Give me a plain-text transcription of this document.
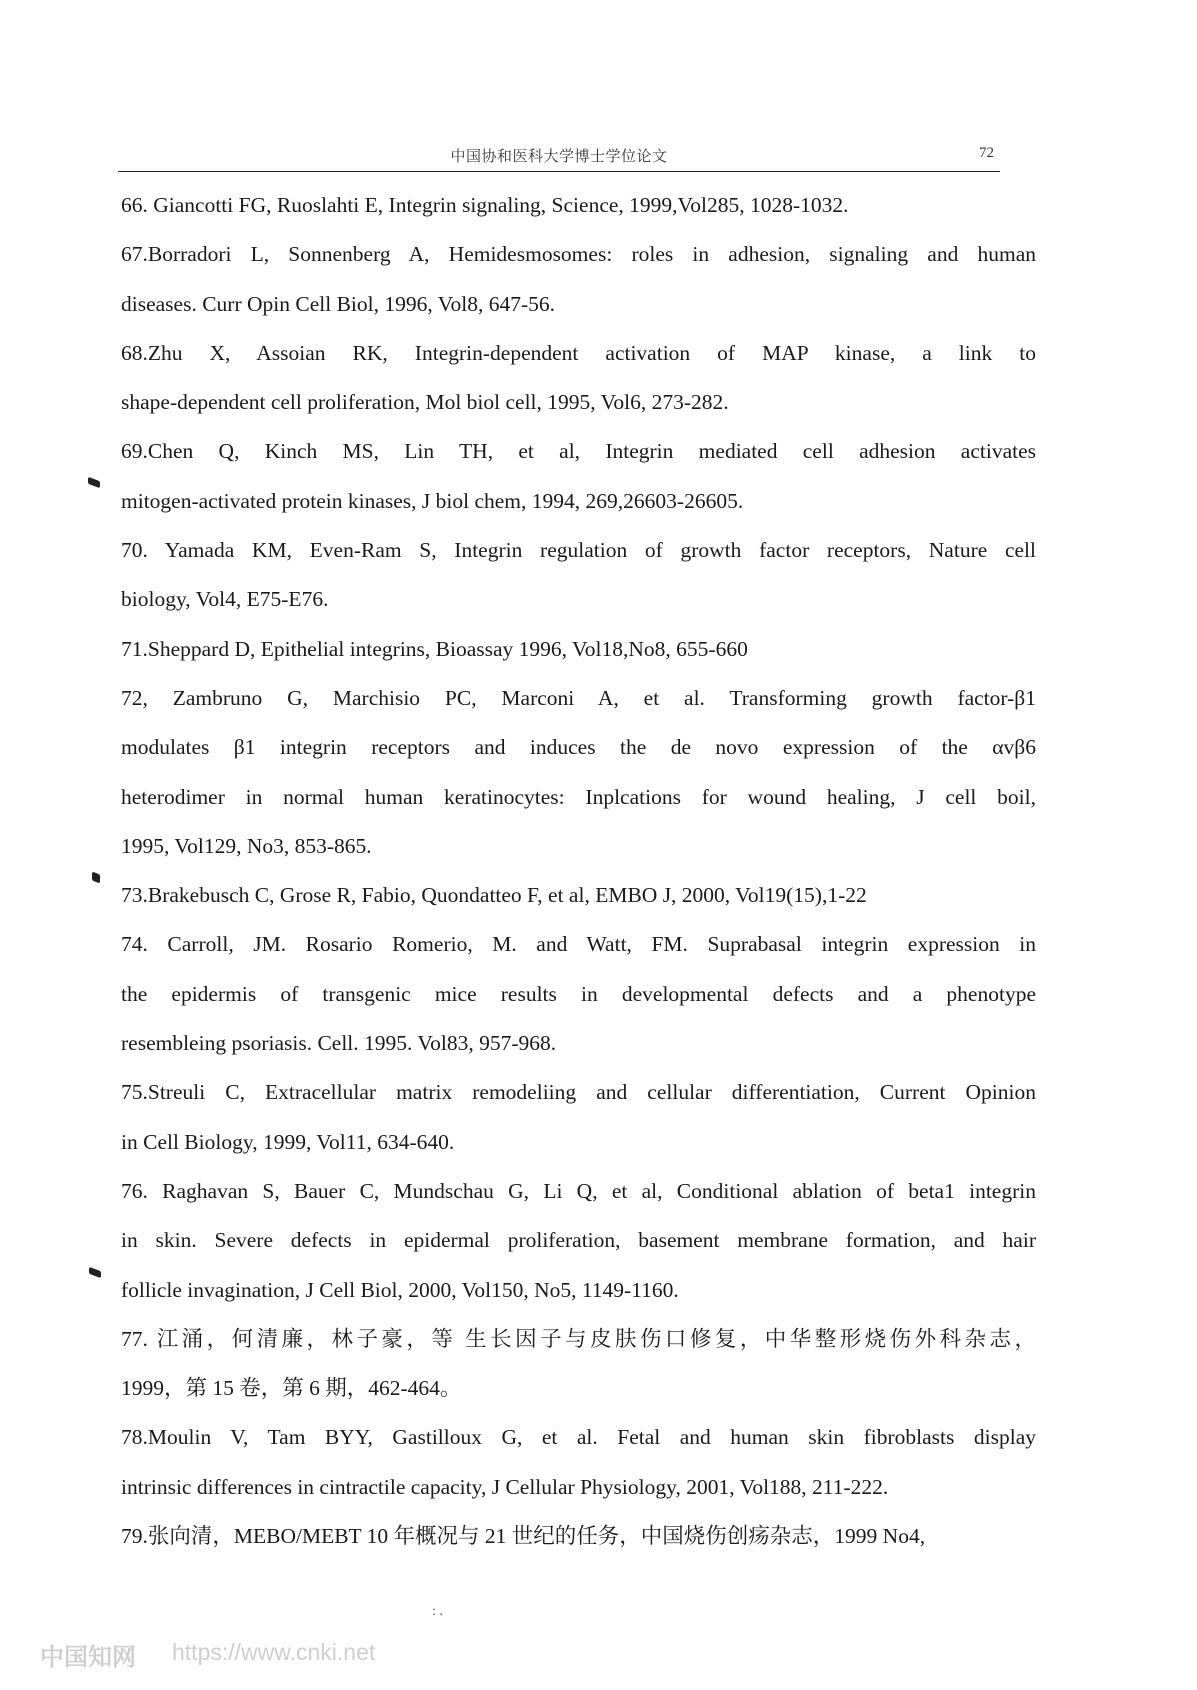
中国协和医科大学博士学位论文	72
66. Giancotti FG, Ruoslahti E, Integrin signaling, Science, 1999,Vol285, 1028-1032.
67.Borradori L, Sonnenberg A, Hemidesmosomes: roles in adhesion, signaling and human
diseases. Curr Opin Cell Biol, 1996, Vol8, 647-56.
68.Zhu X, Assoian RK, Integrin-dependent activation of MAP kinase, a link to
shape-dependent cell proliferation, Mol biol cell, 1995, Vol6, 273-282.
69.Chen Q, Kinch MS, Lin TH, et al, Integrin mediated cell adhesion activates
mitogen-activated protein kinases, J biol chem, 1994, 269,26603-26605.
70. Yamada KM, Even-Ram S, Integrin regulation of growth factor receptors, Nature cell
biology, Vol4, E75-E76.
71.Sheppard D, Epithelial integrins, Bioassay 1996, Vol18,No8, 655-660
72, Zambruno G, Marchisio PC, Marconi A, et al. Transforming growth factor-β1
modulates β1 integrin receptors and induces the de novo expression of the αvβ6
heterodimer in normal human keratinocytes: Inplcations for wound healing, J cell boil,
1995, Vol129, No3, 853-865.
73.Brakebusch C, Grose R, Fabio, Quondatteo F, et al, EMBO J, 2000, Vol19(15),1-22
74. Carroll, JM. Rosario Romerio, M. and Watt, FM. Suprabasal integrin expression in
the epidermis of transgenic mice results in developmental defects and a phenotype
resembleing psoriasis. Cell. 1995. Vol83, 957-968.
75.Streuli C, Extracellular matrix remodeliing and cellular differentiation, Current Opinion
in Cell Biology, 1999, Vol11, 634-640.
76. Raghavan S, Bauer C, Mundschau G, Li Q, et al, Conditional ablation of beta1 integrin
in skin. Severe defects in epidermal proliferation, basement membrane formation, and hair
follicle invagination, J Cell Biol, 2000, Vol150, No5, 1149-1160.
77. 江涌，何清廉，林子豪，等 生长因子与皮肤伤口修复，中华整形烧伤外科杂志，
1999，第 15 卷，第 6 期，462-464。
78.Moulin V, Tam BYY, Gastilloux G, et al. Fetal and human skin fibroblasts display
intrinsic differences in cintractile capacity, J Cellular Physiology, 2001, Vol188, 211-222.
79.张向清，MEBO/MEBT 10 年概况与 21 世纪的任务，中国烧伤创疡杂志，1999 No4,
: .
中国知网 https://www.cnki.net
